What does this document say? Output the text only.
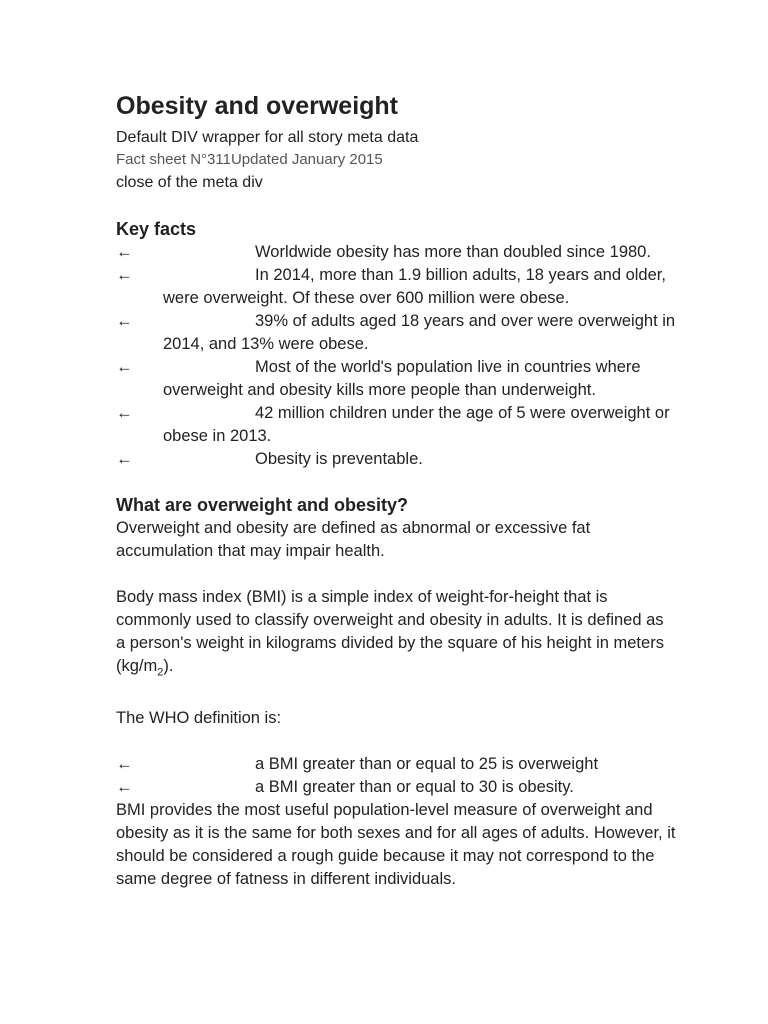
Obesity and overweight
Default DIV wrapper for all story meta data
Fact sheet N°311Updated January 2015
close of the meta div
Key facts
←	Worldwide obesity has more than doubled since 1980.
←	In 2014, more than 1.9 billion adults, 18 years and older, were overweight. Of these over 600 million were obese.
←	39% of adults aged 18 years and over were overweight in 2014, and 13% were obese.
←	Most of the world's population live in countries where overweight and obesity kills more people than underweight.
←	42 million children under the age of 5 were overweight or obese in 2013.
←	Obesity is preventable.
What are overweight and obesity?

Overweight and obesity are defined as abnormal or excessive fat accumulation that may impair health.

Body mass index (BMI) is a simple index of weight-for-height that is commonly used to classify overweight and obesity in adults. It is defined as a person's weight in kilograms divided by the square of his height in meters $(kg/m_2)$.

The WHO definition is:

←	a BMI greater than or equal to 25 is overweight
←	a BMI greater than or equal to 30 is obesity.

BMI provides the most useful population-level measure of overweight and obesity as it is the same for both sexes and for all ages of adults. However, it should be considered a rough guide because it may not correspond to the same degree of fatness in different individuals.
